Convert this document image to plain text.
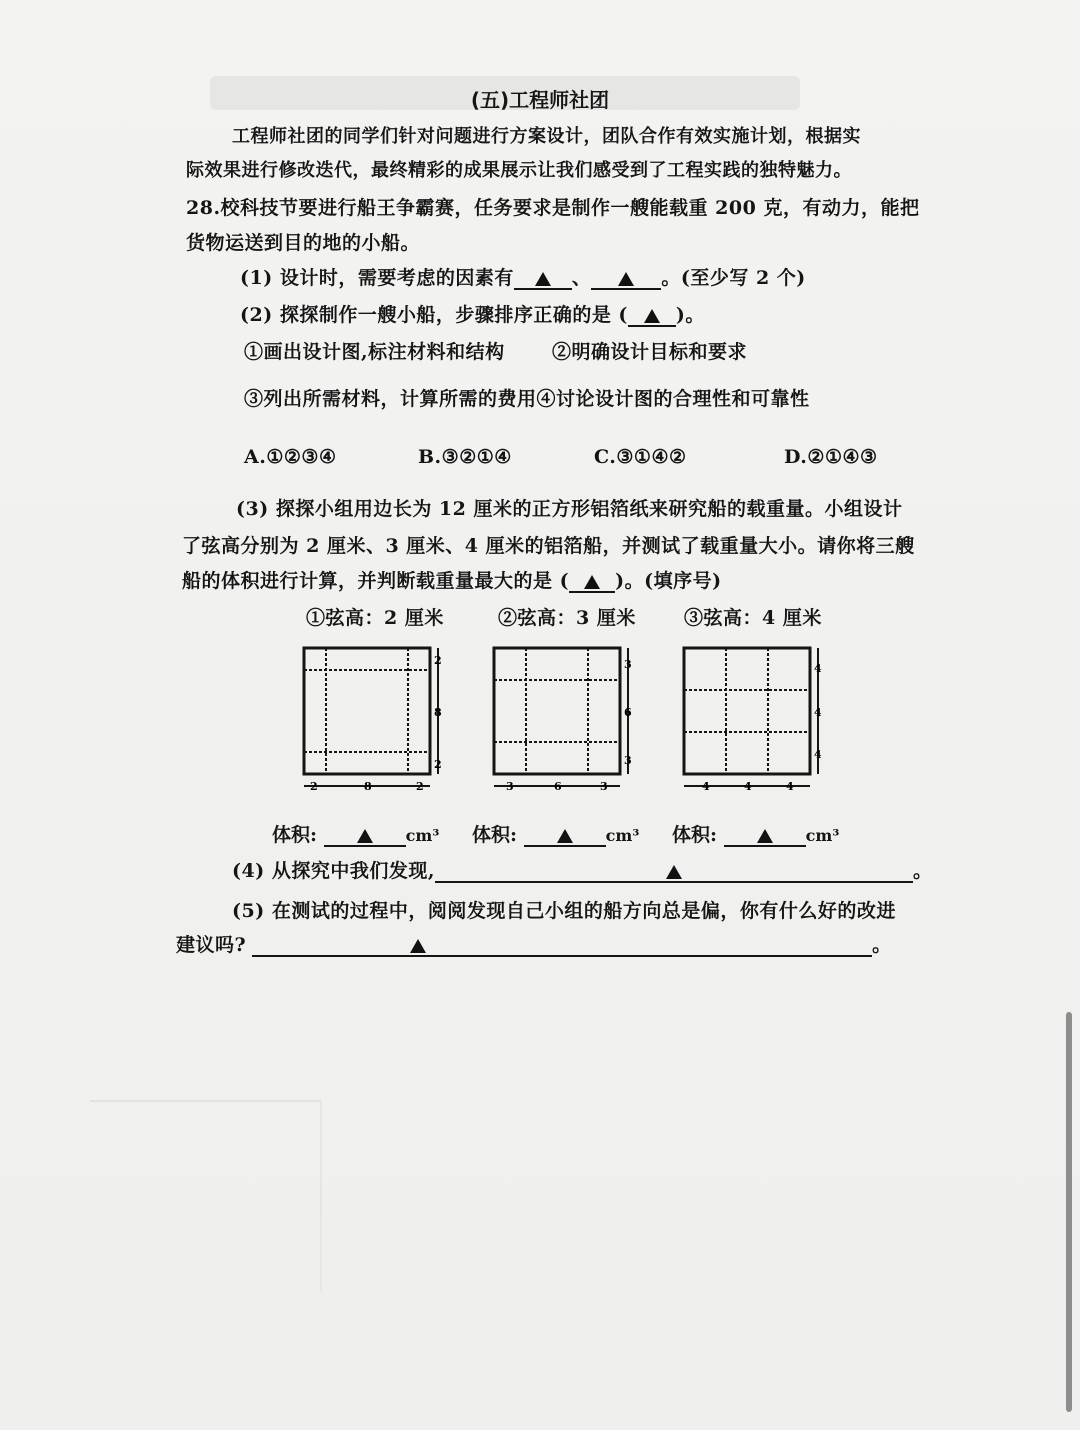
(五)工程师社团
工程师社团的同学们针对问题进行方案设计，团队合作有效实施计划，根据实
际效果进行修改迭代，最终精彩的成果展示让我们感受到了工程实践的独特魅力。
28.校科技节要进行船王争霸赛，任务要求是制作一艘能载重 200 克，有动力，能把
货物运送到目的地的小船。
(1) 设计时，需要考虑的因素有	、	。(至少写 2 个)
(2) 探探制作一艘小船，步骤排序正确的是 (	)。
①画出设计图,标注材料和结构 ②明确设计目标和要求
③列出所需材料，计算所需的费用④讨论设计图的合理性和可靠性
A.①②③④	B.③②①④	C.③①④②	D.②①④③
(3) 探探小组用边长为 12 厘米的正方形铝箔纸来研究船的载重量。小组设计
了弦高分别为 2 厘米、3 厘米、4 厘米的铝箔船，并测试了载重量大小。请你将三艘
船的体积进行计算，并判断载重量最大的是 ( )。(填序号)
①弦高：2 厘米	②弦高：3 厘米	③弦高：4 厘米
2
8
2
2	8	2
3
6
3
3	6	3
4
4
4
4	4	4
体积:	cm³ 体积:	cm³ 体积:	cm³
(4) 从探究中我们发现,	。
(5) 在测试的过程中，阅阅发现自己小组的船方向总是偏，你有什么好的改进
建议吗?	。
